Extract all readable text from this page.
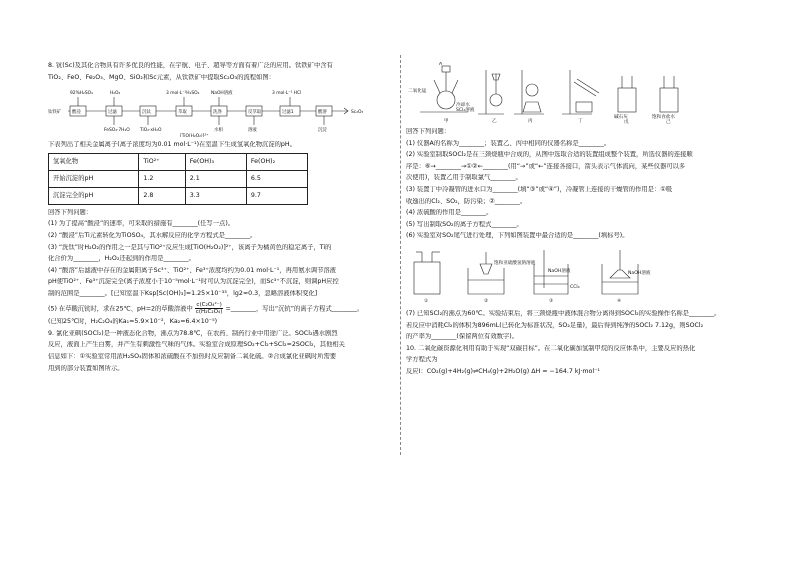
8. 钪(Sc)及其化合物具有许多优良的性能，在宇航、电子、超导等方面有着广泛的应用。钛铁矿中含有

TiO₂、FeO、Fe₂O₃、MgO、SiO₂和Sc元素，从钛铁矿中提取Sc₂O₃的流程如图：

钛铁矿 酸浸	过滤	沉钛	萃取	洗涤	反萃取	过滤1	酸溶	Sc₂O₃
92%H₂SO₄	H₂O₂	3 mol·L⁻¹H₂SO₄	NaOH溶液	3 mol·L⁻¹ HCl
FeSO₄·7H₂O TiO₂·xH₂O	水相
[TiO(H₂O₂)]²⁺
溶液	沉淀

下表列出了相关金属离子(离子浓度均为0.01 mol·L⁻¹)在室温下生成氢氧化物沉淀的pH。

氢氧化物	TiO²⁺	Fe(OH)₃	Fe(OH)₂
开始沉淀的pH	1.2	2.1	6.5
沉淀完全的pH	2.8	3.3	9.7

回答下列问题：

(1) 为了提高“酸浸”的速率，可采取的措施有________(任写一点)。

(2) “酸浸”后Ti元素转化为TiOSO₄，其水解反应的化学方程式是________。

(3) “洗钛”时H₂O₂的作用之一是其与TiO²⁺反应生成[TiO(H₂O₂)]²⁺，该离子为橘黄色的稳定离子，Ti的

化合价为________，H₂O₂还起到的作用是________。

(4) “酸溶”后滤液中存在的金属阳离子Sc³⁺、TiO²⁺、Fe³⁺浓度均约为0.01 mol·L⁻¹，再用氨水调节溶液

pH使TiO²⁺、Fe³⁺沉淀完全(离子浓度小于10⁻⁵mol·L⁻¹时可认为沉淀完全)，而Sc³⁺不沉淀，则调pH应控

制的范围是________。[已知室温下Ksp[Sc(OH)₃]=1.25×10⁻³³，lg2≈0.3，忽略溶液体积变化]

(5) 在草酸沉钪时，求在25℃、pH=2的草酸溶液中 $\frac{\text{c(C₂O₄²⁻)}}{\text{c(H₂C₂O₄)}}$ =________，写出“沉钪”的离子方程式________。

(已知25℃时，H₂C₂O₄的Ka₁=5.9×10⁻²，Ka₂=6.4×10⁻⁵)

9. 氯化亚砜(SOCl₂)是一种液态化合物，沸点为78.8℃，在农药、制药行业中用途广泛。SOCl₂遇水剧烈

反应，液面上产生白雾，并产生有刺激性气味的气体。实验室合成原理SO₂+Cl₂+SCl₂=2SOCl₂，其他相关

信息如下：①实验室常用浓H₂SO₄固体和浓硫酸在不加热时反应制备二氧化硫。②合成氯化亚砜时所需要

用到的部分装置如图所示。

A
二氧化锰
冷却水
SCl₂溶液
甲	乙	丙	丁
碱石灰
戊
饱和食盐水
己

回答下列问题：

(1) 仪器A的名称为________；装置乙、丙中相同的仪器名称是________。

(2) 实验室制取SOCl₂是在三颈烧瓶中合成的，从图中选取合适的装置组成整个装置，所选仪器的连接顺

序是：⑥→________→①②←________(用“→”或“←”连接各接口，箭头表示气体流向，某些仪器可以多

次使用)，装置乙用于制取氯气________。

(3) 装置丁中冷凝管的进水口为________(填“③”或“④”)，冷凝管上连接的干燥管的作用是：①吸

收逸出的Cl₂、SO₂，防污染；②________。

(4) 浓硫酸的作用是________。

(5) 写出制取SO₂的离子方程式________。

(6) 实验室对SO₂尾气进行处理，下列如图装置中最合适的是________(填标号)。

①	②	③	④
饱和亚硫酸氢钠溶液
NaOH溶液
CCl₄
NaOH溶液

(7) 已知SCl₂的沸点为60℃。实验结束后，将三颈烧瓶中液体混合物分离得到SOCl₂的实验操作名称是________。

若反应中消耗Cl₂的体积为896mL(已转化为标准状况，SO₂足量)，最后得到纯净的SOCl₂ 7.12g，则SOCl₂

的产率为________(保留两位有效数字)。

10. 二氧化碳资源化利用有助于实现“双碳目标”。在二氧化碳加氢制甲烷的反应体系中，主要反应的热化

学方程式为

反应Ⅰ：CO₂(g)+4H₂(g)⇌CH₄(g)+2H₂O(g) ΔH = −164.7 kJ·mol⁻¹
